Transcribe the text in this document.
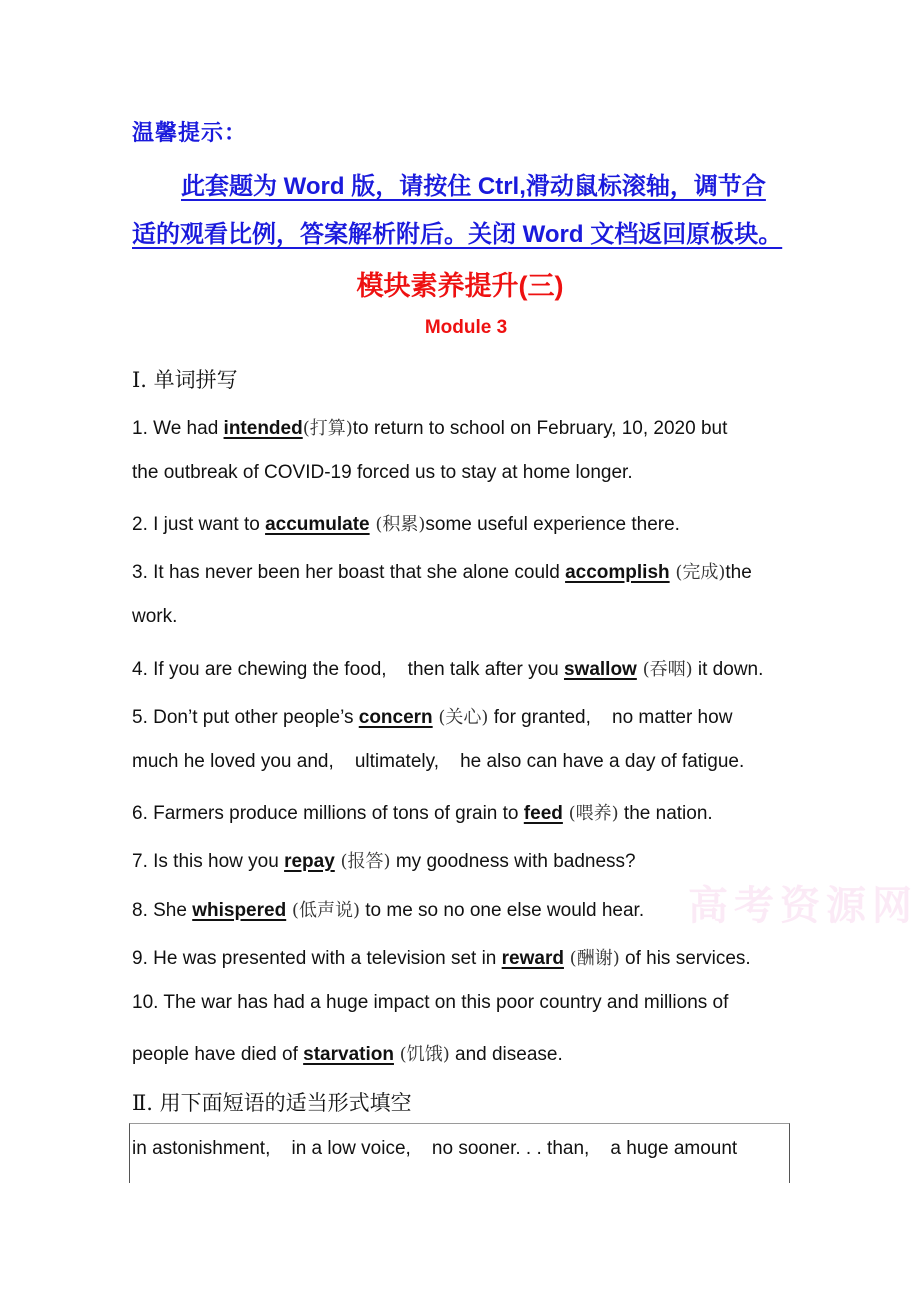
温馨提示：
此套题为 Word 版，请按住 Ctrl,滑动鼠标滚轴，调节合
适的观看比例，答案解析附后。关闭 Word 文档返回原板块。
模块素养提升(三)
Module 3
Ⅰ. 单词拼写
1. We had intended(打算)to return to school on February, 10, 2020 but
the outbreak of COVID-19 forced us to stay at home longer.
2. I just want to accumulate (积累)some useful experience there.
3. It has never been her boast that she alone could accomplish (完成)the
work.
4. If you are chewing the food,    then talk after you swallow (吞咽) it down.
5. Don’t put other people’s concern (关心) for granted,    no matter how
much he loved you and,    ultimately,    he also can have a day of fatigue.
6. Farmers produce millions of tons of grain to feed (喂养) the nation.
7. Is this how you repay (报答) my goodness with badness?
高考资源网
8. She whispered (低声说) to me so no one else would hear.
9. He was presented with a television set in reward (酬谢) of his services.
10. The war has had a huge impact on this poor country and millions of
people have died of starvation (饥饿) and disease.
Ⅱ. 用下面短语的适当形式填空
in astonishment,    in a low voice,    no sooner. . . than,    a huge amount
